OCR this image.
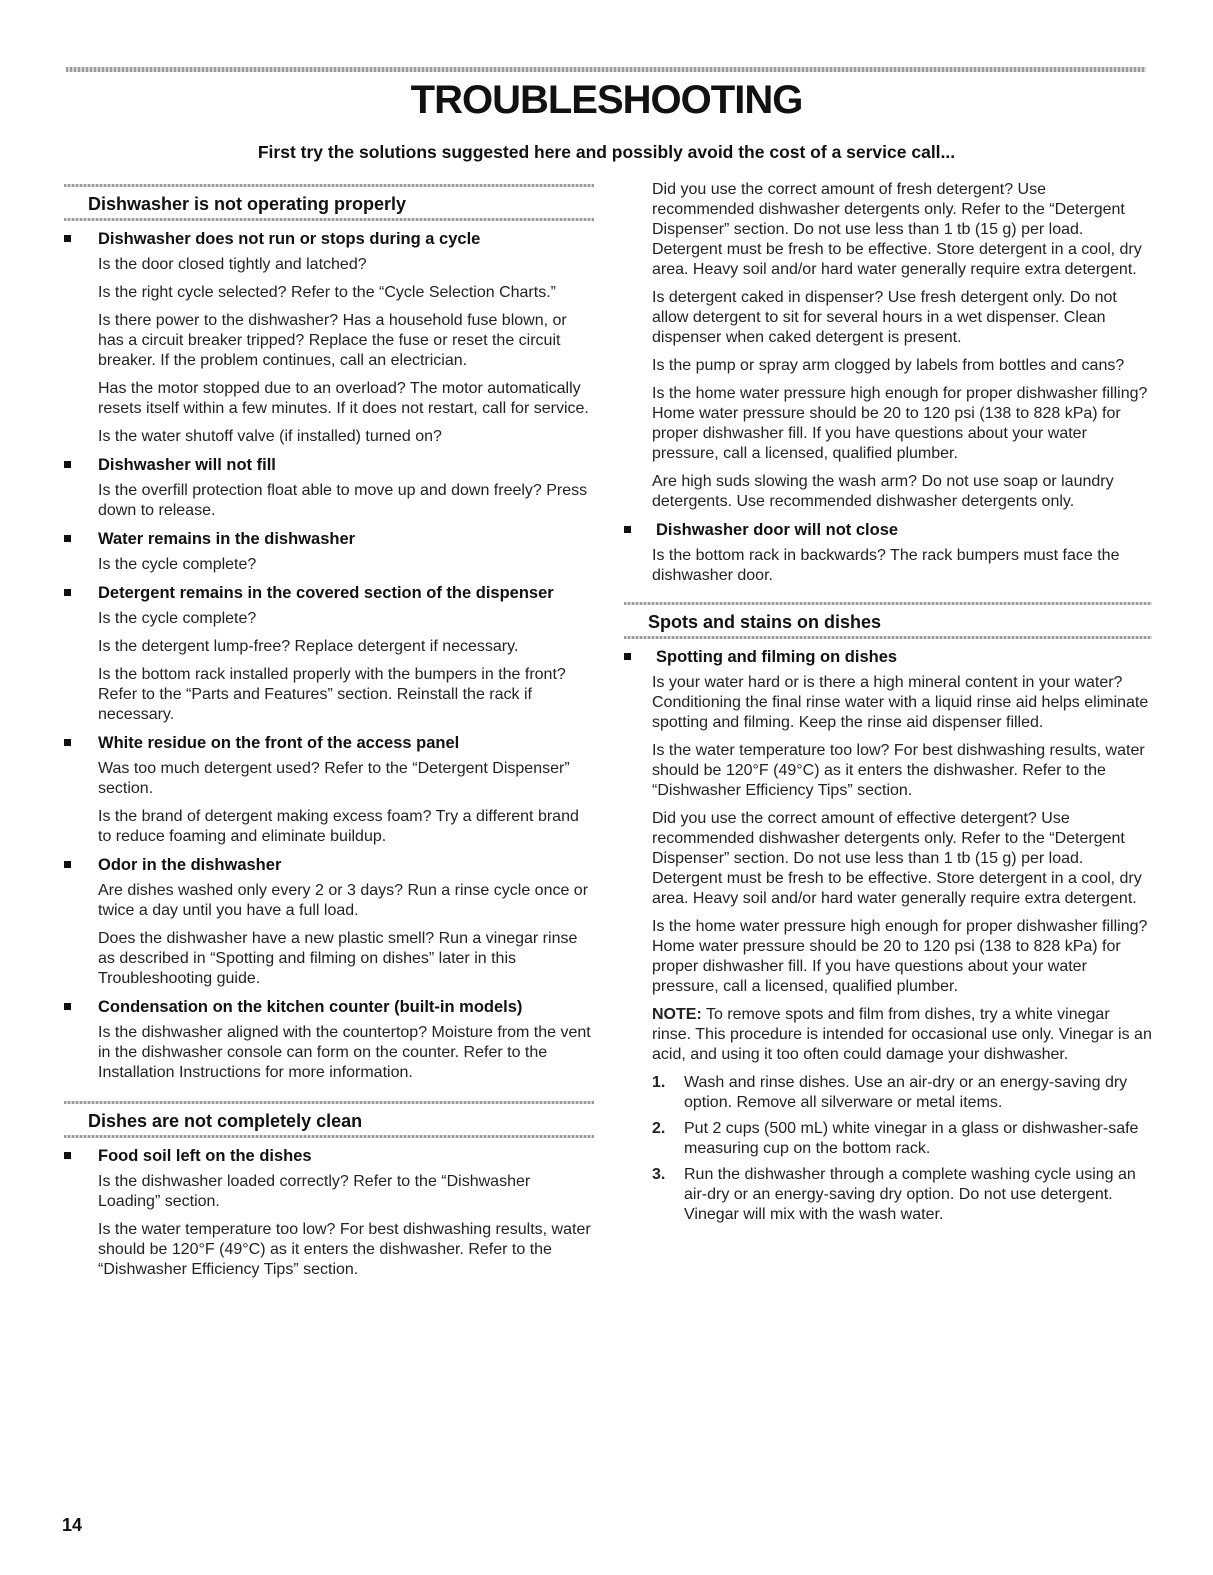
TROUBLESHOOTING
First try the solutions suggested here and possibly avoid the cost of a service call...
Dishwasher is not operating properly
Dishwasher does not run or stops during a cycle

Is the door closed tightly and latched?

Is the right cycle selected? Refer to the “Cycle Selection Charts.”

Is there power to the dishwasher? Has a household fuse blown, or has a circuit breaker tripped? Replace the fuse or reset the circuit breaker. If the problem continues, call an electrician.

Has the motor stopped due to an overload? The motor automatically resets itself within a few minutes. If it does not restart, call for service.

Is the water shutoff valve (if installed) turned on?

Dishwasher will not fill

Is the overfill protection float able to move up and down freely? Press down to release.

Water remains in the dishwasher

Is the cycle complete?

Detergent remains in the covered section of the dispenser

Is the cycle complete?

Is the detergent lump-free? Replace detergent if necessary.

Is the bottom rack installed properly with the bumpers in the front? Refer to the “Parts and Features” section. Reinstall the rack if necessary.

White residue on the front of the access panel

Was too much detergent used? Refer to the “Detergent Dispenser” section.

Is the brand of detergent making excess foam? Try a different brand to reduce foaming and eliminate buildup.

Odor in the dishwasher

Are dishes washed only every 2 or 3 days? Run a rinse cycle once or twice a day until you have a full load.

Does the dishwasher have a new plastic smell? Run a vinegar rinse as described in “Spotting and filming on dishes” later in this Troubleshooting guide.

Condensation on the kitchen counter (built-in models)

Is the dishwasher aligned with the countertop? Moisture from the vent in the dishwasher console can form on the counter. Refer to the Installation Instructions for more information.

Dishes are not completely clean
Food soil left on the dishes

Is the dishwasher loaded correctly? Refer to the “Dishwasher Loading” section.

Is the water temperature too low? For best dishwashing results, water should be 120°F (49°C) as it enters the dishwasher. Refer to the “Dishwasher Efficiency Tips” section.

Did you use the correct amount of fresh detergent? Use recommended dishwasher detergents only. Refer to the “Detergent Dispenser” section. Do not use less than 1 tb (15 g) per load. Detergent must be fresh to be effective. Store detergent in a cool, dry area. Heavy soil and/or hard water generally require extra detergent.

Is detergent caked in dispenser? Use fresh detergent only. Do not allow detergent to sit for several hours in a wet dispenser. Clean dispenser when caked detergent is present.

Is the pump or spray arm clogged by labels from bottles and cans?

Is the home water pressure high enough for proper dishwasher filling? Home water pressure should be 20 to 120 psi (138 to 828 kPa) for proper dishwasher fill. If you have questions about your water pressure, call a licensed, qualified plumber.

Are high suds slowing the wash arm? Do not use soap or laundry detergents. Use recommended dishwasher detergents only.

Dishwasher door will not close

Is the bottom rack in backwards? The rack bumpers must face the dishwasher door.

Spots and stains on dishes
Spotting and filming on dishes

Is your water hard or is there a high mineral content in your water? Conditioning the final rinse water with a liquid rinse aid helps eliminate spotting and filming. Keep the rinse aid dispenser filled.

Is the water temperature too low? For best dishwashing results, water should be 120°F (49°C) as it enters the dishwasher. Refer to the “Dishwasher Efficiency Tips” section.

Did you use the correct amount of effective detergent? Use recommended dishwasher detergents only. Refer to the “Detergent Dispenser” section. Do not use less than 1 tb (15 g) per load. Detergent must be fresh to be effective. Store detergent in a cool, dry area. Heavy soil and/or hard water generally require extra detergent.

Is the home water pressure high enough for proper dishwasher filling? Home water pressure should be 20 to 120 psi (138 to 828 kPa) for proper dishwasher fill. If you have questions about your water pressure, call a licensed, qualified plumber.

NOTE: To remove spots and film from dishes, try a white vinegar rinse. This procedure is intended for occasional use only. Vinegar is an acid, and using it too often could damage your dishwasher.

1. Wash and rinse dishes. Use an air-dry or an energy-saving dry option. Remove all silverware or metal items.
2. Put 2 cups (500 mL) white vinegar in a glass or dishwasher-safe measuring cup on the bottom rack.
3. Run the dishwasher through a complete washing cycle using an air-dry or an energy-saving dry option. Do not use detergent. Vinegar will mix with the wash water.
14
